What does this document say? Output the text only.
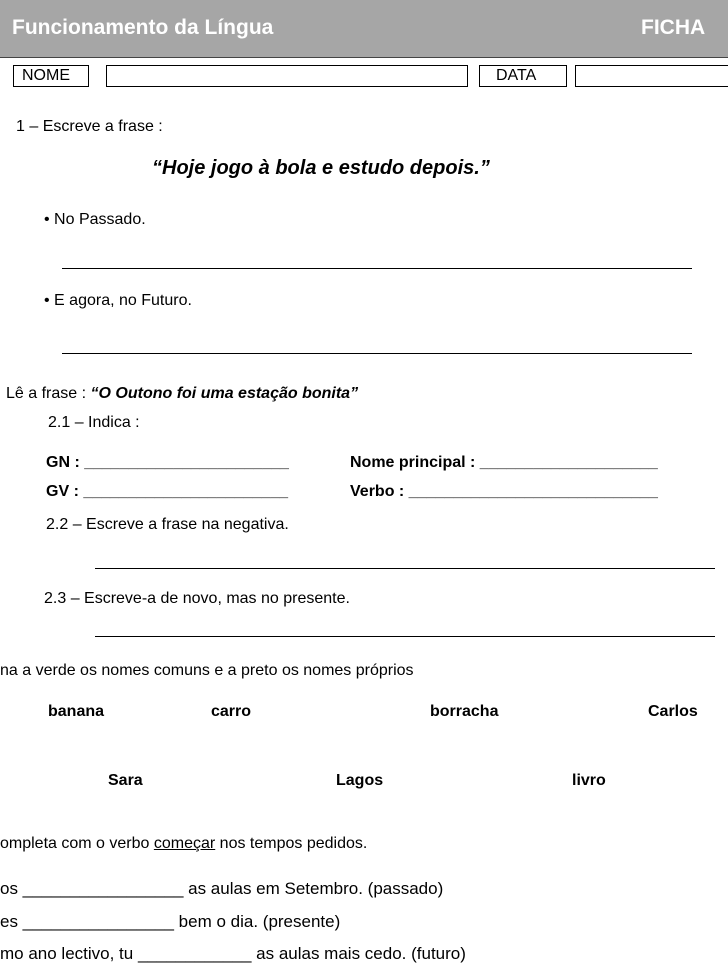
Funcionamento da Língua	FICHA
NOME	DATA
1 – Escreve a frase :
“Hoje jogo à bola e estudo depois.”
• No Passado.
• E agora, no Futuro.
Lê a frase : “O Outono foi uma estação bonita”
2.1 – Indica :
GN : _______________________	Nome principal : ____________________
GV : _______________________	Verbo : ____________________________
2.2 – Escreve a frase na negativa.
2.3 – Escreve-a de novo, mas no presente.
na a verde os nomes comuns e a preto os nomes próprios
banana	carro	borracha	Carlos
Sara	Lagos	livro
ompleta com o verbo começar nos tempos pedidos.
os _________________ as aulas em Setembro. (passado)
es ________________ bem o dia. (presente)
mo ano lectivo, tu ____________ as aulas mais cedo. (futuro)
